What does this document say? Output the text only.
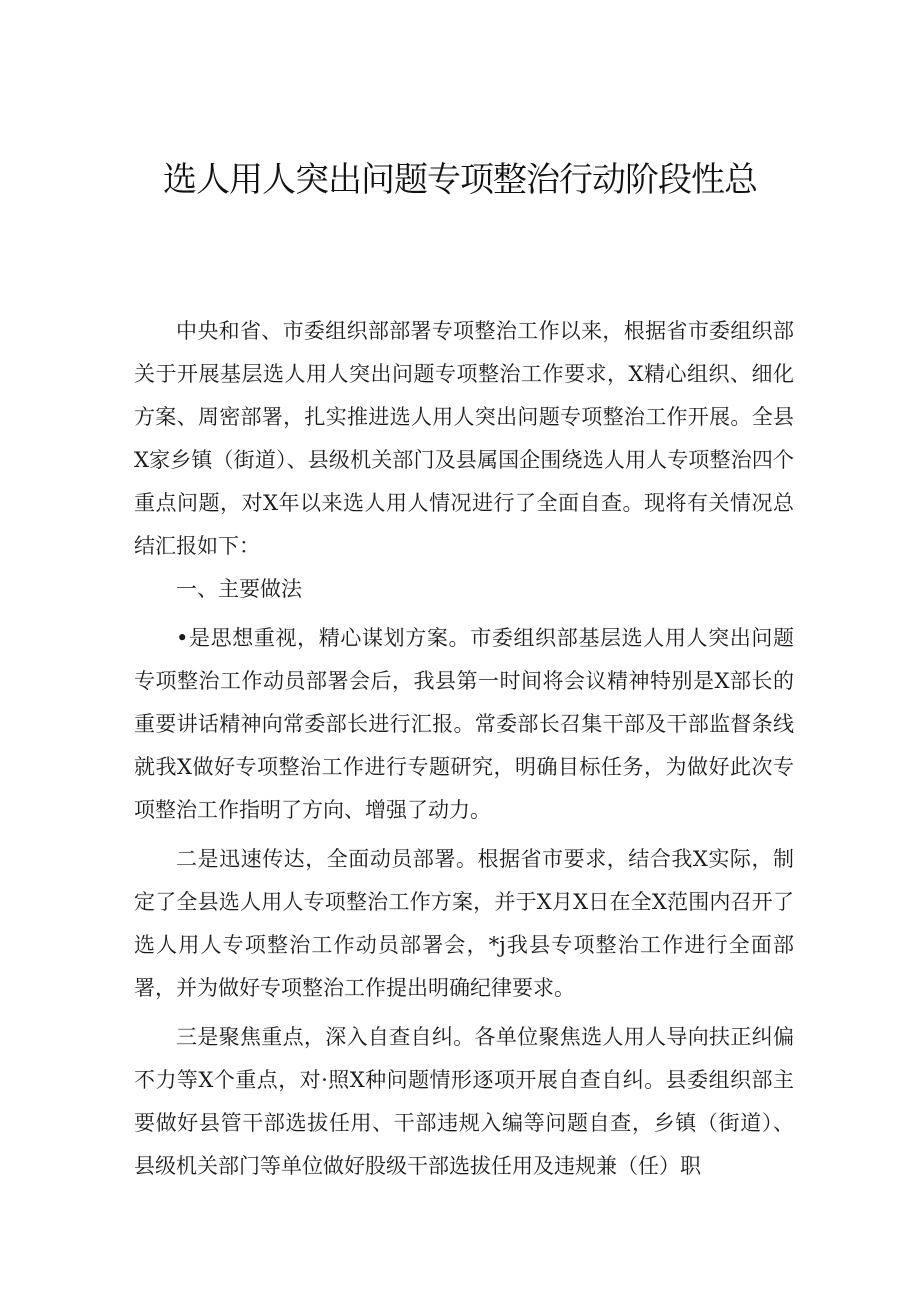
选人用人突出问题专项整治行动阶段性总

中央和省、市委组织部部署专项整治工作以来，根据省市委组织部关于开展基层选人用人突出问题专项整治工作要求，X精心组织、细化方案、周密部署，扎实推进选人用人突出问题专项整治工作开展。全县X家乡镇（街道）、县级机关部门及县属国企围绕选人用人专项整治四个重点问题，对X年以来选人用人情况进行了全面自查。现将有关情况总结汇报如下：

一、主要做法

•是思想重视，精心谋划方案。市委组织部基层选人用人突出问题专项整治工作动员部署会后，我县第一时间将会议精神特别是X部长的重要讲话精神向常委部长进行汇报。常委部长召集干部及干部监督条线就我X做好专项整治工作进行专题研究，明确目标任务，为做好此次专项整治工作指明了方向、增强了动力。

二是迅速传达，全面动员部署。根据省市要求，结合我X实际，制定了全县选人用人专项整治工作方案，并于X月X日在全X范围内召开了选人用人专项整治工作动员部署会，*j我县专项整治工作进行全面部署，并为做好专项整治工作提出明确纪律要求。

三是聚焦重点，深入自查自纠。各单位聚焦选人用人导向扶正纠偏不力等X个重点，对·照X种问题情形逐项开展自查自纠。县委组织部主要做好县管干部选拔任用、干部违规入编等问题自查，乡镇（街道）、县级机关部门等单位做好股级干部选拔任用及违规兼（任）职
